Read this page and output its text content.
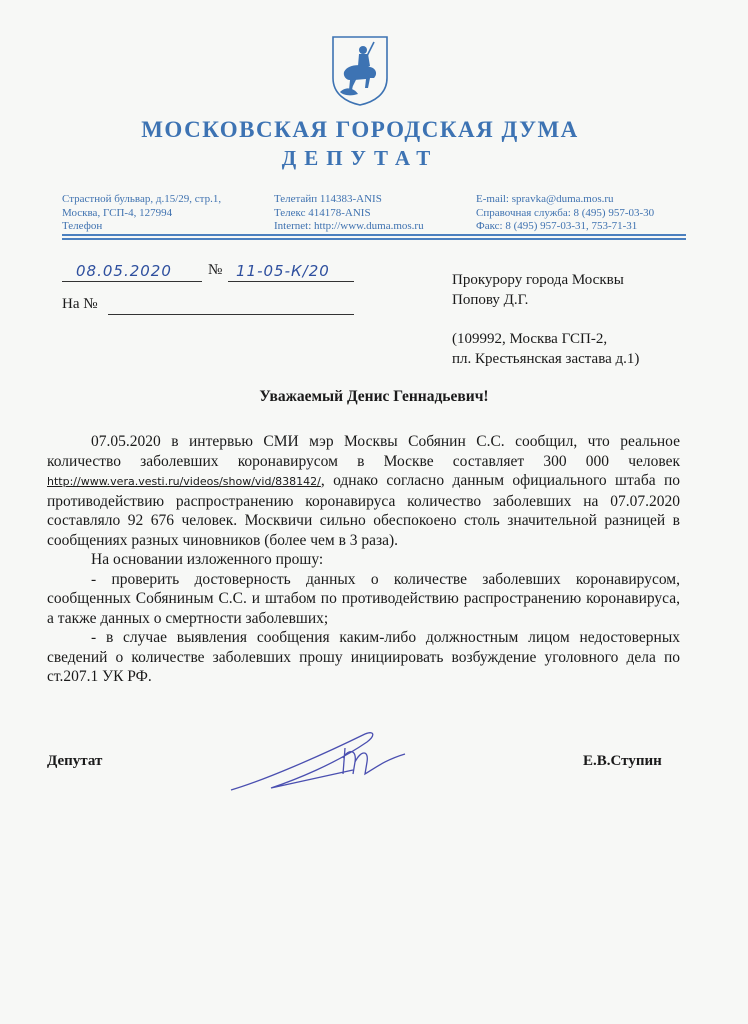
МОСКОВСКАЯ ГОРОДСКАЯ ДУМА
ДЕПУТАТ
Страстной бульвар, д.15/29, стр.1,
Москва, ГСП-4, 127994
Телефон
Телетайп 114383-ANIS
Телекс 414178-ANIS
Internet: http://www.duma.mos.ru
E-mail: spravka@duma.mos.ru
Справочная служба: 8 (495) 957-03-30
Факс: 8 (495) 957-03-31, 753-71-31
08.05.2020	№ 11-05-К/20
На №
Прокурору города Москвы
Попову Д.Г.
(109992, Москва ГСП-2,
пл. Крестьянская застава д.1)
Уважаемый Денис Геннадьевич!

07.05.2020 в интервью СМИ мэр Москвы Собянин С.С. сообщил, что реальное количество заболевших коронавирусом в Москве составляет 300 000 человек http://www.vera.vesti.ru/videos/show/vid/838142/, однако согласно данным официального штаба по противодействию распространению коронавируса количество заболевших на 07.07.2020 составляло 92 676 человек. Москвичи сильно обеспокоено столь значительной разницей в сообщениях разных чиновников (более чем в 3 раза).

На основании изложенного прошу:

- проверить достоверность данных о количестве заболевших коронавирусом, сообщенных Собяниным С.С. и штабом по противодействию распространению коронавируса, а также данных о смертности заболевших;

- в случае выявления сообщения каким-либо должностным лицом недостоверных сведений о количестве заболевших прошу инициировать возбуждение уголовного дела по ст.207.1 УК РФ.

Депутат	Е.В.Ступин
